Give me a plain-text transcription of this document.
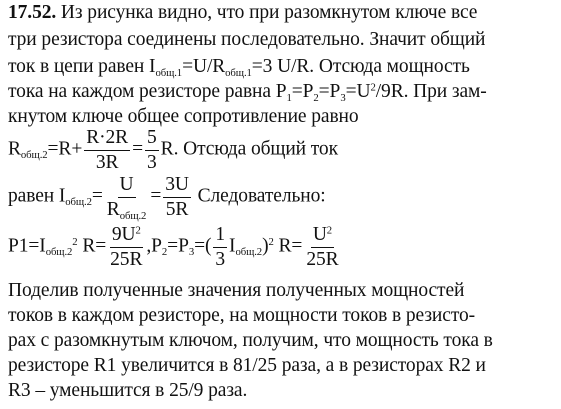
17.52. Из рисунка видно, что при разомкнутом ключе все
три резистора соединены последовательно. Значит общий
ток в цепи равен $I_{общ.1}=U/R_{общ.1}=3$ U/R. Отсюда мощность
тока на каждом резисторе равна $P_1=P_2=P_3=U^2/9R$. При зам-
кнутом ключе общее сопротивление равно
$R_{общ.2}=R+ \frac{R\cdot 2R}{3R} = \frac{5}{3} R$. Отсюда общий ток
равен $I_{общ.2}= \frac{U}{R_{общ.2}} = \frac{3U}{5R}$ Следовательно:
$P1=I_{общ.2}^2$ $R= \frac{9U^2}{25R} ,P_2=P_3=( \frac{1}{3} I_{общ.2})^2$ $R= \frac{U^2}{25R}$
Поделив полученные значения полученных мощностей
токов в каждом резисторе, на мощности токов в резисто-
рах с разомкнутым ключом, получим, что мощность тока в
резисторе R1 увеличится в 81/25 раза, а в резисторах R2 и
R3 – уменьшится в 25/9 раза.
